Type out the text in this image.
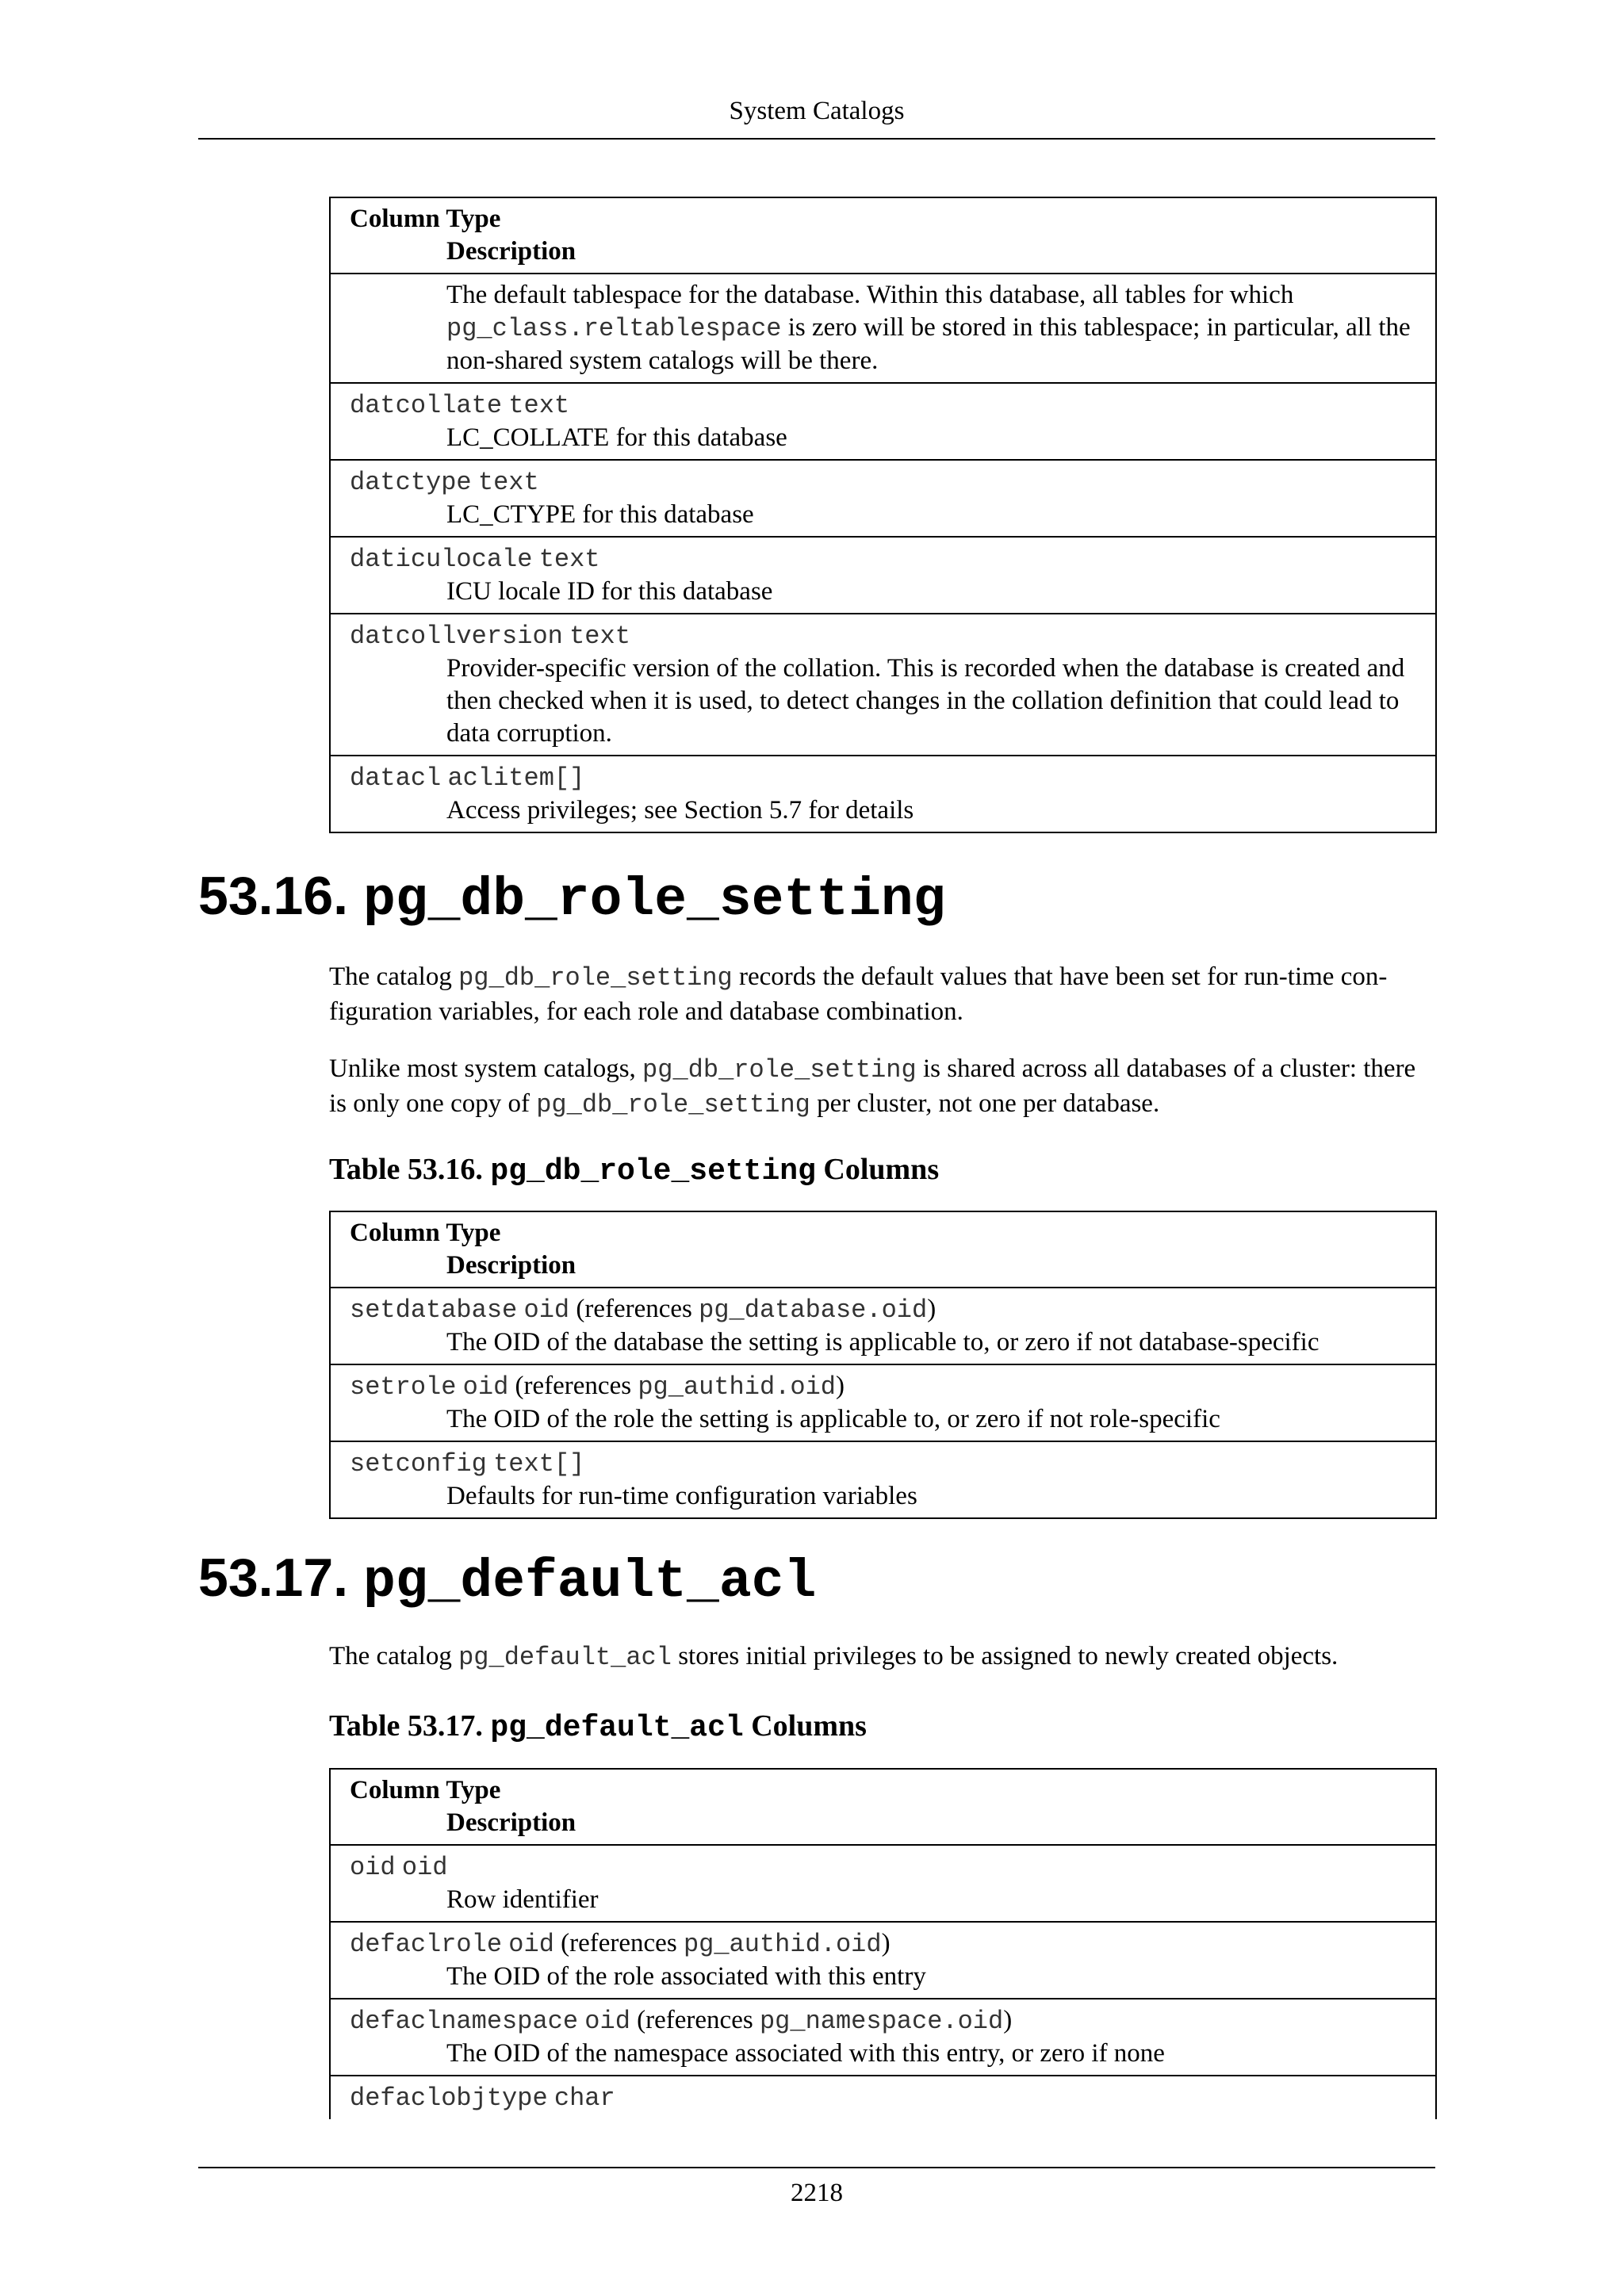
System Catalogs
Column Type
Description

The default tablespace for the database. Within this database, all tables for which pg_class.reltablespace is zero will be stored in this tablespace; in particular, all the non-shared system catalogs will be there.

datcollate text
LC_COLLATE for this database

datctype text
LC_CTYPE for this database

daticulocale text
ICU locale ID for this database

datcollversion text
Provider-specific version of the collation. This is recorded when the database is created and then checked when it is used, to detect changes in the collation definition that could lead to data corruption.

datacl aclitem[]
Access privileges; see Section 5.7 for details
53.16. pg_db_role_setting

The catalog pg_db_role_setting records the default values that have been set for run-time con-figuration variables, for each role and database combination.

Unlike most system catalogs, pg_db_role_setting is shared across all databases of a cluster: there is only one copy of pg_db_role_setting per cluster, not one per database.

Table 53.16. pg_db_role_setting Columns
Column Type
Description

setdatabase oid (references pg_database.oid)
The OID of the database the setting is applicable to, or zero if not database-specific

setrole oid (references pg_authid.oid)
The OID of the role the setting is applicable to, or zero if not role-specific

setconfig text[]
Defaults for run-time configuration variables
53.17. pg_default_acl

The catalog pg_default_acl stores initial privileges to be assigned to newly created objects.

Table 53.17. pg_default_acl Columns
Column Type
Description

oid oid
Row identifier

defaclrole oid (references pg_authid.oid)
The OID of the role associated with this entry

defaclnamespace oid (references pg_namespace.oid)
The OID of the namespace associated with this entry, or zero if none

defaclobjtype char
2218
